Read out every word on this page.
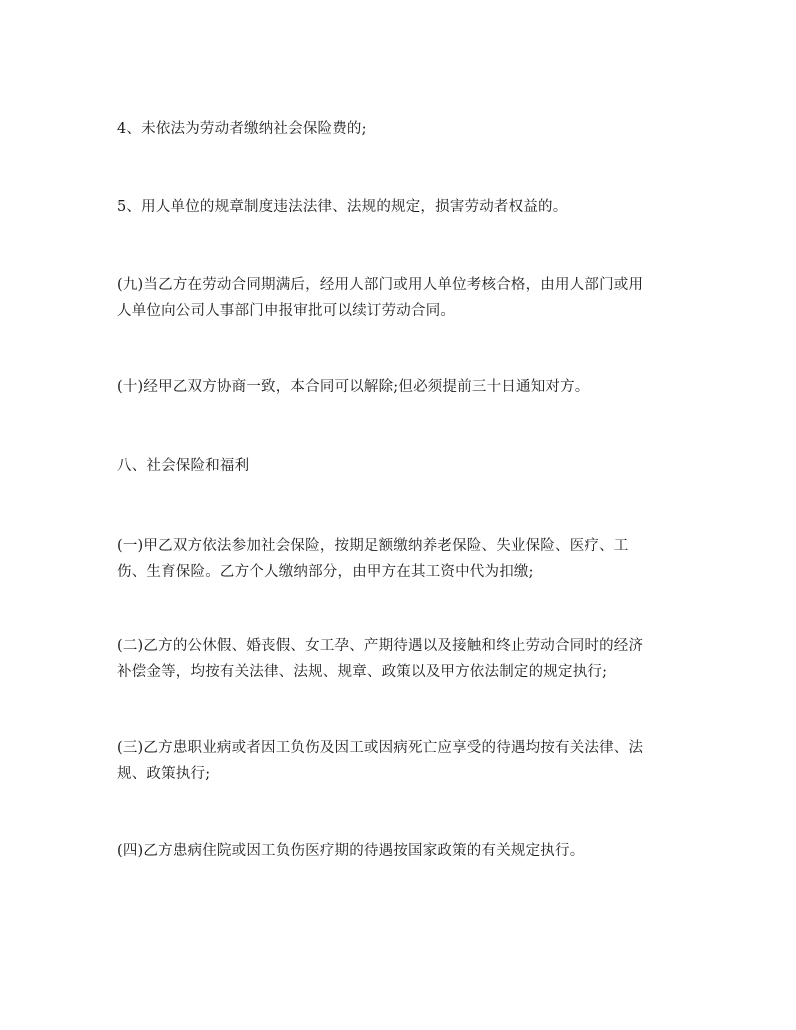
4、未依法为劳动者缴纳社会保险费的;

5、用人单位的规章制度违法法律、法规的规定，损害劳动者权益的。

(九)当乙方在劳动合同期满后，经用人部门或用人单位考核合格，由用人部门或用
人单位向公司人事部门申报审批可以续订劳动合同。

(十)经甲乙双方协商一致，本合同可以解除;但必须提前三十日通知对方。

八、社会保险和福利

(一)甲乙双方依法参加社会保险，按期足额缴纳养老保险、失业保险、医疗、工
伤、生育保险。乙方个人缴纳部分，由甲方在其工资中代为扣缴;

(二)乙方的公休假、婚丧假、女工孕、产期待遇以及接触和终止劳动合同时的经济
补偿金等，均按有关法律、法规、规章、政策以及甲方依法制定的规定执行;

(三)乙方患职业病或者因工负伤及因工或因病死亡应享受的待遇均按有关法律、法
规、政策执行;

(四)乙方患病住院或因工负伤医疗期的待遇按国家政策的有关规定执行。
